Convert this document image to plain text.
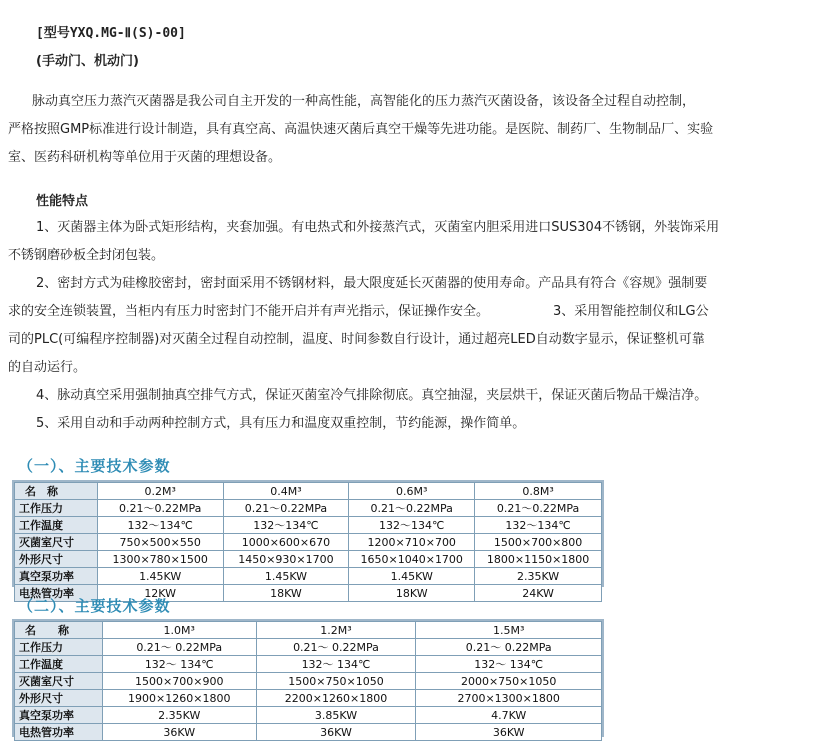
[型号YXQ.MG-Ⅱ(S)-00]
(手动门、机动门)
脉动真空压力蒸汽灭菌器是我公司自主开发的一种高性能，高智能化的压力蒸汽灭菌设备，该设备全过程自动控制，
严格按照GMP标准进行设计制造，具有真空高、高温快速灭菌后真空干燥等先进功能。是医院、制药厂、生物制品厂、实验
室、医药科研机构等单位用于灭菌的理想设备。
性能特点

1、灭菌器主体为卧式矩形结构，夹套加强。有电热式和外接蒸汽式，灭菌室内胆采用进口SUS304不锈钢，外装饰采用

不锈钢磨砂板全封闭包装。

2、密封方式为硅橡胶密封，密封面采用不锈钢材料，最大限度延长灭菌器的使用寿命。产品具有符合《容规》强制要

求的安全连锁装置，当柜内有压力时密封门不能开启并有声光指示，保证操作安全。	3、采用智能控制仪和LG公
司的PLC(可编程序控制器)对灭菌全过程自动控制，温度、时间参数自行设计，通过超亮LED自动数字显示，保证整机可靠
的自动运行。

4、脉动真空采用强制抽真空排气方式，保证灭菌室冷气排除彻底。真空抽湿，夹层烘干，保证灭菌后物品干燥洁净。

5、采用自动和手动两种控制方式，具有压力和温度双重控制，节约能源，操作简单。

（一）、主要技术参数
名　称	0.2M³	0.4M³	0.6M³	0.8M³
工作压力	0.21～0.22MPa	0.21～0.22MPa	0.21～0.22MPa	0.21～0.22MPa
工作温度	132～134℃	132～134℃	132～134℃	132～134℃
灭菌室尺寸	750×500×550	1000×600×670	1200×710×700	1500×700×800
外形尺寸	1300×780×1500	1450×930×1700	1650×1040×1700	1800×1150×1800
真空泵功率	1.45KW	1.45KW	1.45KW	2.35KW
电热管功率	12KW	18KW	18KW	24KW
（二）、主要技术参数
名　　称	1.0M³	1.2M³	1.5M³
工作压力	0.21～ 0.22MPa	0.21～ 0.22MPa	0.21～ 0.22MPa
工作温度	132～ 134℃	132～ 134℃	132～ 134℃
灭菌室尺寸	1500×700×900	1500×750×1050	2000×750×1050
外形尺寸	1900×1260×1800	2200×1260×1800	2700×1300×1800
真空泵功率	2.35KW	3.85KW	4.7KW
电热管功率	36KW	36KW	36KW
